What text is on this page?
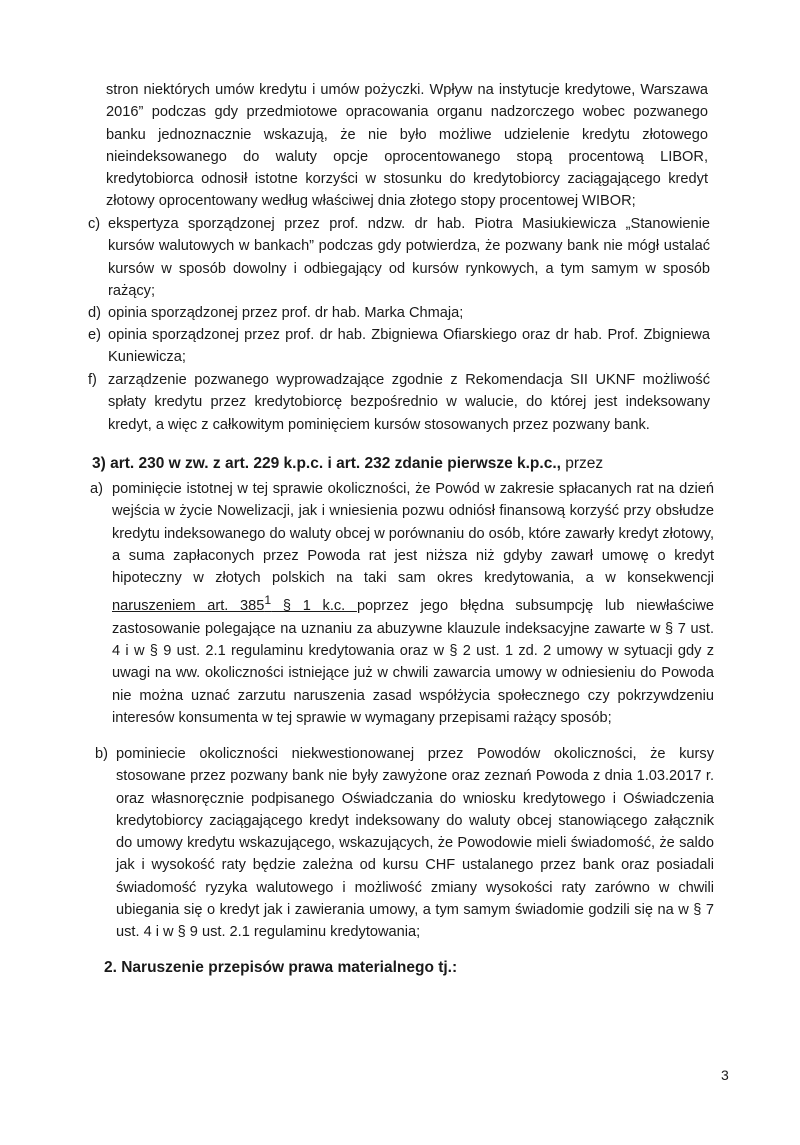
stron niektórych umów kredytu i umów pożyczki. Wpływ na instytucje kredytowe, Warszawa 2016” podczas gdy przedmiotowe opracowania organu nadzorczego wobec pozwanego banku jednoznacznie wskazują, że nie było możliwe udzielenie kredytu złotowego nieindeksowanego do waluty opcje oprocentowanego stopą procentową LIBOR, kredytobiorca odnosił istotne korzyści w stosunku do kredytobiorcy zaciągającego kredyt złotowy oprocentowany według właściwej dnia złotego stopy procentowej WIBOR;

c) ekspertyza sporządzonej przez prof. ndzw. dr hab. Piotra Masiukiewicza „Stanowienie kursów walutowych w bankach” podczas gdy potwierdza, że pozwany bank nie mógł ustalać kursów w sposób dowolny i odbiegający od kursów rynkowych, a tym samym w sposób rażący;

d) opinia sporządzonej przez prof. dr hab. Marka Chmaja;

e) opinia sporządzonej przez prof. dr hab. Zbigniewa Ofiarskiego oraz dr hab. Prof. Zbigniewa Kuniewicza;

f) zarządzenie pozwanego wyprowadzające zgodnie z Rekomendacja SII UKNF możliwość spłaty kredytu przez kredytobiorcę bezpośrednio w walucie, do której jest indeksowany kredyt, a więc z całkowitym pominięciem kursów stosowanych przez pozwany bank.

3) art. 230 w zw. z art. 229 k.p.c. i art. 232 zdanie pierwsze k.p.c., przez
a) pominięcie istotnej w tej sprawie okoliczności, że Powód w zakresie spłacanych rat na dzień wejścia w życie Nowelizacji, jak i wniesienia pozwu odniósł finansową korzyść przy obsłudze kredytu indeksowanego do waluty obcej w porównaniu do osób, które zawarły kredyt złotowy, a suma zapłaconych przez Powoda rat jest niższa niż gdyby zawarł umowę o kredyt hipoteczny w złotych polskich na taki sam okres kredytowania, a w konsekwencji naruszeniem art. $385^1$ § 1 k.c. poprzez jego błędna subsumpcję lub niewłaściwe zastosowanie polegające na uznaniu za abuzywne klauzule indeksacyjne zawarte w § 7 ust. 4 i w § 9 ust. 2.1 regulaminu kredytowania oraz w § 2 ust. 1 zd. 2 umowy w sytuacji gdy z uwagi na ww. okoliczności istniejące już w chwili zawarcia umowy w odniesieniu do Powoda nie można uznać zarzutu naruszenia zasad współżycia społecznego czy pokrzywdzeniu interesów konsumenta w tej sprawie w wymagany przepisami rażący sposób;

b) pominiecie okoliczności niekwestionowanej przez Powodów okoliczności, że kursy stosowane przez pozwany bank nie były zawyżone oraz zeznań Powoda z dnia 1.03.2017 r. oraz własnoręcznie podpisanego Oświadczania do wniosku kredytowego i Oświadczenia kredytobiorcy zaciągającego kredyt indeksowany do waluty obcej stanowiącego załącznik do umowy kredytu wskazującego, wskazujących, że Powodowie mieli świadomość, że saldo jak i wysokość raty będzie zależna od kursu CHF ustalanego przez bank oraz posiadali świadomość ryzyka walutowego i możliwość zmiany wysokości raty zarówno w chwili ubiegania się o kredyt jak i zawierania umowy, a tym samym świadomie godzili się na w § 7 ust. 4 i w § 9 ust. 2.1 regulaminu kredytowania;

2. Naruszenie przepisów prawa materialnego tj.:
3
